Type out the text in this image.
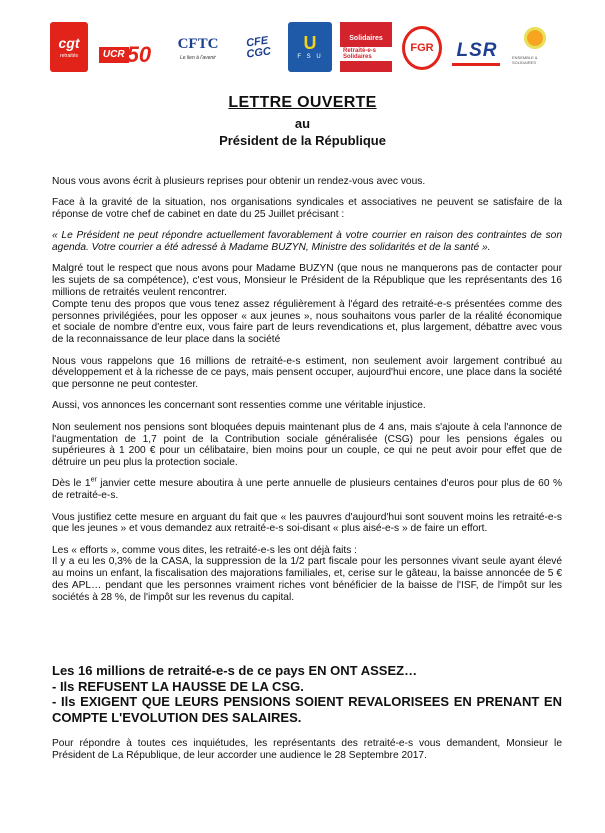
cgt
retraités	UCR 50 CFTC
Le lien à l'avenir
CFE CGC	U
F S U
Solidaires
Retraité-e-s Solidaires
FGR LSR	ENSEMBLE & SOLIDAIRES
LETTRE OUVERTE
au
Président de la République

Nous vous avons écrit à plusieurs reprises pour obtenir un rendez-vous avec vous.

Face à la gravité de la situation, nos organisations syndicales et associatives ne peuvent se satisfaire de la réponse de votre chef de cabinet en date du 25 Juillet précisant :

« Le Président ne peut répondre actuellement favorablement à votre courrier en raison des contraintes de son agenda. Votre courrier a été adressé à Madame BUZYN, Ministre des solidarités et de la santé ».

Malgré tout le respect que nous avons pour Madame BUZYN (que nous ne manquerons pas de contacter pour les sujets de sa compétence), c'est vous, Monsieur le Président de la République que les représentants des 16 millions de retraités veulent rencontrer.

Compte tenu des propos que vous tenez assez régulièrement à l'égard des retraité-e-s présentées comme des personnes privilégiées, pour les opposer « aux jeunes », nous souhaitons vous parler de la réalité économique et sociale de nombre d'entre eux, vous faire part de leurs revendications et, plus largement, débattre avec vous de la reconnaissance de leur place dans la société

Nous vous rappelons que 16 millions de retraité-e-s estiment, non seulement avoir largement contribué au développement et à la richesse de ce pays, mais pensent occuper, aujourd'hui encore, une place dans la société que personne ne peut contester.

Aussi, vos annonces les concernant sont ressenties comme une véritable injustice.

Non seulement nos pensions sont bloquées depuis maintenant plus de 4 ans, mais s'ajoute à cela l'annonce de l'augmentation de 1,7 point de la Contribution sociale généralisée (CSG) pour les pensions égales ou supérieures à 1 200 € pour un célibataire, bien moins pour un couple, ce qui ne peut avoir pour effet que de détruire un peu plus la protection sociale.

Dès le 1er janvier cette mesure aboutira à une perte annuelle de plusieurs centaines d'euros pour plus de 60 % de retraité-e-s.

Vous justifiez cette mesure en arguant du fait que « les pauvres d'aujourd'hui sont souvent moins les retraité-e-s que les jeunes » et vous demandez aux retraité-e-s soi-disant « plus aisé-e-s » de faire un effort.

Les « efforts », comme vous dites, les retraité-e-s les ont déjà faits :

Il y a eu les 0,3% de la CASA, la suppression de la 1/2 part fiscale pour les personnes vivant seule ayant élevé au moins un enfant, la fiscalisation des majorations familiales, et, cerise sur le gâteau, la baisse annoncée de 5 € des APL… pendant que les personnes vraiment riches vont bénéficier de la baisse de l'ISF, de l'impôt sur les sociétés à 28 %, de l'impôt sur les revenus du capital.

Les 16 millions de retraité-e-s de ce pays EN ONT ASSEZ…
- Ils REFUSENT LA HAUSSE DE LA CSG.
- Ils EXIGENT QUE LEURS PENSIONS SOIENT REVALORISEES EN PRENANT EN COMPTE L'EVOLUTION DES SALAIRES.
Pour répondre à toutes ces inquiétudes, les représentants des retraité-e-s vous demandent, Monsieur le Président de La République, de leur accorder une audience le 28 Septembre 2017.
